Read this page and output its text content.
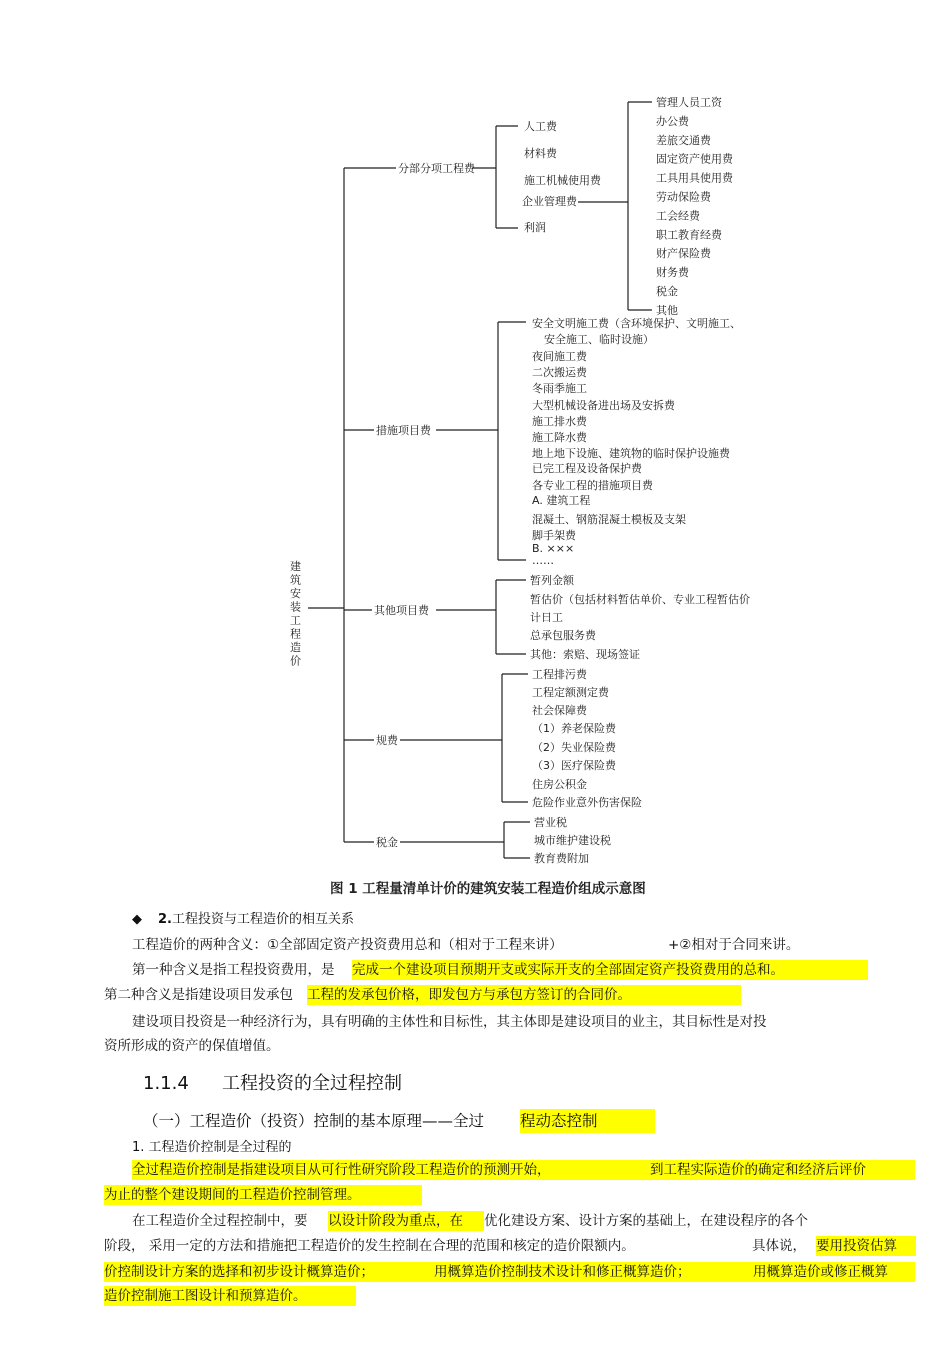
建
筑
安
装
工
程
造
价
分部分项工程费
措施项目费
其他项目费
规费
税金
人工费
材料费
施工机械使用费
企业管理费
利润
管理人员工资
办公费
差旅交通费
固定资产使用费
工具用具使用费
劳动保险费
工会经费
职工教育经费
财产保险费
财务费
税金
其他
安全文明施工费（含环境保护、文明施工、
安全施工、临时设施）
夜间施工费
二次搬运费
冬雨季施工
大型机械设备进出场及安拆费
施工排水费
施工降水费
地上地下设施、建筑物的临时保护设施费
已完工程及设备保护费
各专业工程的措施项目费
A. 建筑工程
混凝土、钢筋混凝土模板及支架
脚手架费
B. ×××
……
暂列金额
暂估价（包括材料暂估单价、专业工程暂估价
计日工
总承包服务费
其他：索赔、现场签证
工程排污费
工程定额测定费
社会保障费
（1）养老保险费
（2）失业保险费
（3）医疗保险费
住房公积金
危险作业意外伤害保险
营业税
城市维护建设税
教育费附加
图 1 工程量清单计价的建筑安装工程造价组成示意图
◆ 2. 工程投资与工程造价的相互关系
工程造价的两种含义：①全部固定资产投资费用总和（相对于工程来讲）	+②相对于合同来讲。
第一种含义是指工程投资费用，是 完成一个建设项目预期开支或实际开支的全部固定资产投资费用的总和。
第二种含义是指建设项目发承包 工程的发承包价格，即发包方与承包方签订的合同价。
建设项目投资是一种经济行为，具有明确的主体性和目标性，其主体即是建设项目的业主，其目标性是对投
资所形成的资产的保值增值。
1.1.4 工程投资的全过程控制
（一）工程造价（投资）控制的基本原理——全过 程动态控制
1. 工程造价控制是全过程的
全过程造价控制是指建设项目从可行性研究阶段工程造价的预测开始，	到工程实际造价的确定和经济后评价
为止的整个建设期间的工程造价控制管理。
在工程造价全过程控制中，要 以设计阶段为重点，在	优化建设方案、设计方案的基础上，在建设程序的各个
阶段， 采用一定的方法和措施把工程造价的发生控制在合理的范围和核定的造价限额内。	具体说， 要用投资估算
价控制设计方案的选择和初步设计概算造价；	用概算造价控制技术设计和修正概算造价；	用概算造价或修正概算
造价控制施工图设计和预算造价。
